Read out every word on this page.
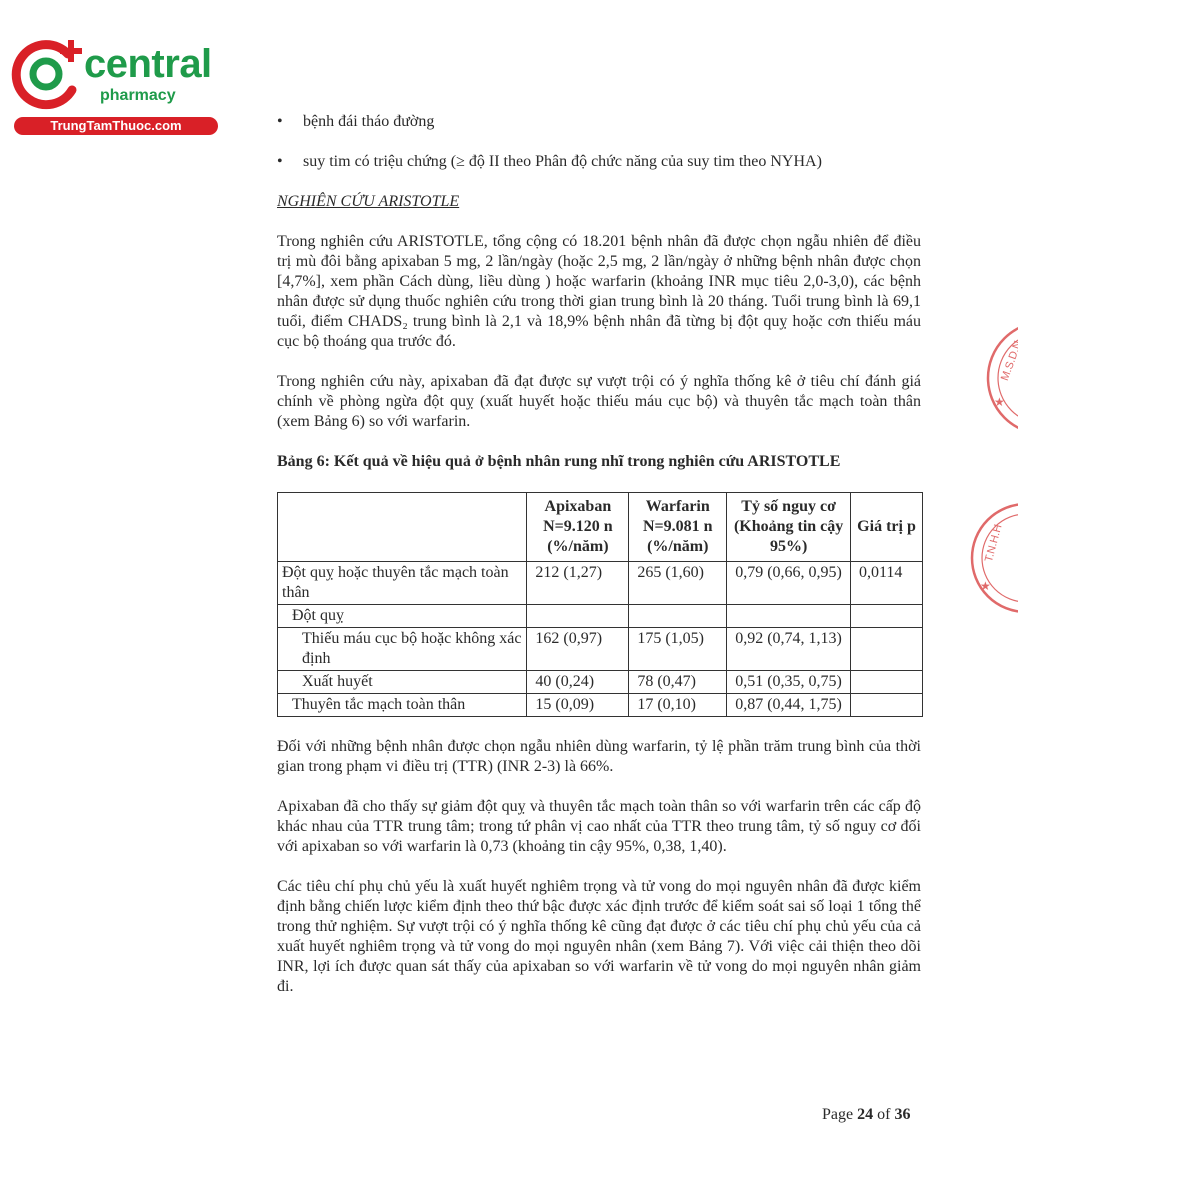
central
pharmacy
TrungTamThuoc.com	• bệnh đái tháo đường
• suy tim có triệu chứng (≥ độ II theo Phân độ chức năng của suy tim theo NYHA)
NGHIÊN CỨU ARISTOTLE

Trong nghiên cứu ARISTOTLE, tổng cộng có 18.201 bệnh nhân đã được chọn ngẫu nhiên để điều trị mù đôi bằng apixaban 5 mg, 2 lần/ngày (hoặc 2,5 mg, 2 lần/ngày ở những bệnh nhân được chọn [4,7%], xem phần Cách dùng, liều dùng ) hoặc warfarin (khoảng INR mục tiêu 2,0-3,0), các bệnh nhân được sử dụng thuốc nghiên cứu trong thời gian trung bình là 20 tháng. Tuổi trung bình là 69,1 tuổi, điểm CHADS₂ trung bình là 2,1 và 18,9% bệnh nhân đã từng bị đột quỵ hoặc cơn thiếu máu cục bộ thoáng qua trước đó.

Trong nghiên cứu này, apixaban đã đạt được sự vượt trội có ý nghĩa thống kê ở tiêu chí đánh giá chính về phòng ngừa đột quỵ (xuất huyết hoặc thiếu máu cục bộ) và thuyên tắc mạch toàn thân (xem Bảng 6) so với warfarin.

Bảng 6: Kết quả về hiệu quả ở bệnh nhân rung nhĩ trong nghiên cứu ARISTOTLE
	Apixaban N=9.120 n (%/năm)	Warfarin N=9.081 n (%/năm)	Tỷ số nguy cơ (Khoảng tin cậy 95%)	Giá trị p
Đột quỵ hoặc thuyên tắc mạch toàn thân	212 (1,27)	265 (1,60)	0,79 (0,66, 0,95)	0,0114
Đột quỵ				
Thiếu máu cục bộ hoặc không xác định	162 (0,97)	175 (1,05)	0,92 (0,74, 1,13)	
Xuất huyết	40 (0,24)	78 (0,47)	0,51 (0,35, 0,75)	
Thuyên tắc mạch toàn thân	15 (0,09)	17 (0,10)	0,87 (0,44, 1,75)	

Đối với những bệnh nhân được chọn ngẫu nhiên dùng warfarin, tỷ lệ phần trăm trung bình của thời gian trong phạm vi điều trị (TTR) (INR 2-3) là 66%.

Apixaban đã cho thấy sự giảm đột quỵ và thuyên tắc mạch toàn thân so với warfarin trên các cấp độ khác nhau của TTR trung tâm; trong tứ phân vị cao nhất của TTR theo trung tâm, tỷ số nguy cơ đối với apixaban so với warfarin là 0,73 (khoảng tin cậy 95%, 0,38, 1,40).

Các tiêu chí phụ chủ yếu là xuất huyết nghiêm trọng và tử vong do mọi nguyên nhân đã được kiểm định bằng chiến lược kiểm định theo thứ bậc được xác định trước để kiểm soát sai số loại 1 tổng thể trong thử nghiệm. Sự vượt trội có ý nghĩa thống kê cũng đạt được ở các tiêu chí phụ chủ yếu của cả xuất huyết nghiêm trọng và tử vong do mọi nguyên nhân (xem Bảng 7). Với việc cải thiện theo dõi INR, lợi ích được quan sát thấy của apixaban so với warfarin về tử vong do mọi nguyên nhân giảm đi.

Page 24 of 36
M.S.D.N
★
T.N.H.H
★
